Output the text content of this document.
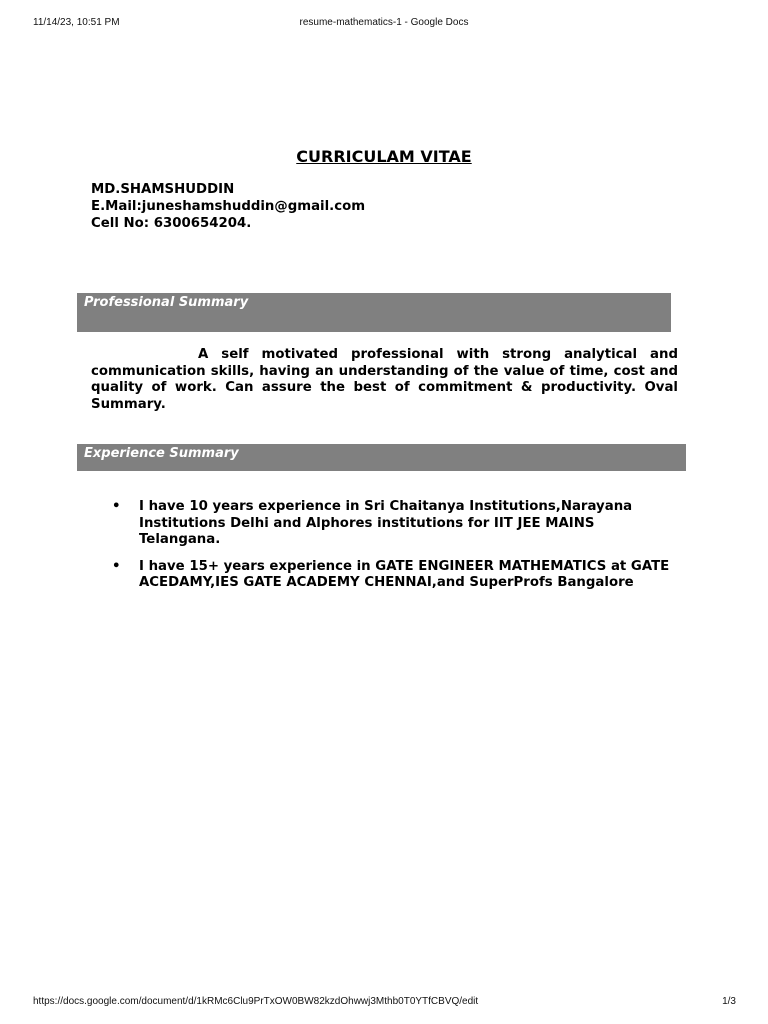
11/14/23, 10:51 PM	resume-mathematics-1 - Google Docs
CURRICULAM VITAE
MD.SHAMSHUDDIN
E.Mail:juneshamshuddin@gmail.com
Cell No: 6300654204.
Professional Summary
A self motivated professional with strong analytical and communication skills, having an understanding of the value of time, cost and quality of work. Can assure the best of commitment & productivity. Oval Summary.
Experience Summary
• I have 10 years experience in Sri Chaitanya Institutions,Narayana Institutions Delhi and Alphores institutions for IIT JEE MAINS Telangana.
• I have 15+ years experience in GATE ENGINEER MATHEMATICS at GATE ACEDAMY,IES GATE ACADEMY CHENNAI,and SuperProfs Bangalore
https://docs.google.com/document/d/1kRMc6Clu9PrTxOW0BW82kzdOhwwj3Mthb0T0YTfCBVQ/edit	1/3
